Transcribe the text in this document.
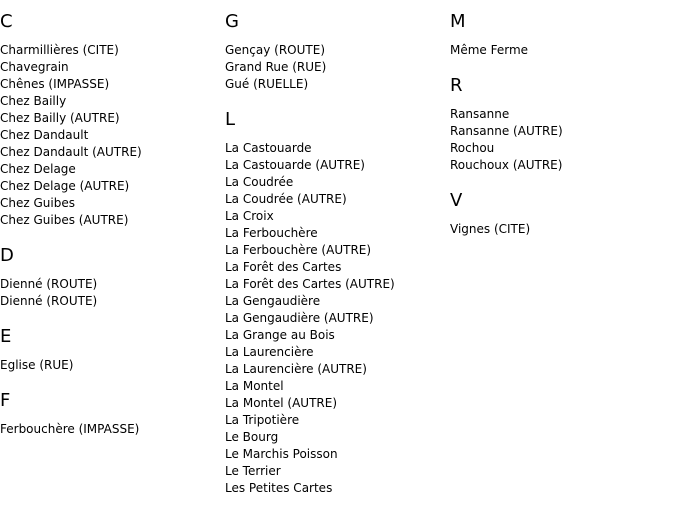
C
Charmillières (CITE)
Chavegrain
Chênes (IMPASSE)
Chez Bailly
Chez Bailly (AUTRE)
Chez Dandault
Chez Dandault (AUTRE)
Chez Delage
Chez Delage (AUTRE)
Chez Guibes
Chez Guibes (AUTRE)
D
Dienné (ROUTE)
Dienné (ROUTE)
E
Eglise (RUE)
F
Ferbouchère (IMPASSE)
G
Gençay (ROUTE)
Grand Rue (RUE)
Gué (RUELLE)
L
La Castouarde
La Castouarde (AUTRE)
La Coudrée
La Coudrée (AUTRE)
La Croix
La Ferbouchère
La Ferbouchère (AUTRE)
La Forêt des Cartes
La Forêt des Cartes (AUTRE)
La Gengaudière
La Gengaudière (AUTRE)
La Grange au Bois
La Laurencière
La Laurencière (AUTRE)
La Montel
La Montel (AUTRE)
La Tripotière
Le Bourg
Le Marchis Poisson
Le Terrier
Les Petites Cartes
M
Même Ferme
R
Ransanne
Ransanne (AUTRE)
Rochou
Rouchoux (AUTRE)
V
Vignes (CITE)
